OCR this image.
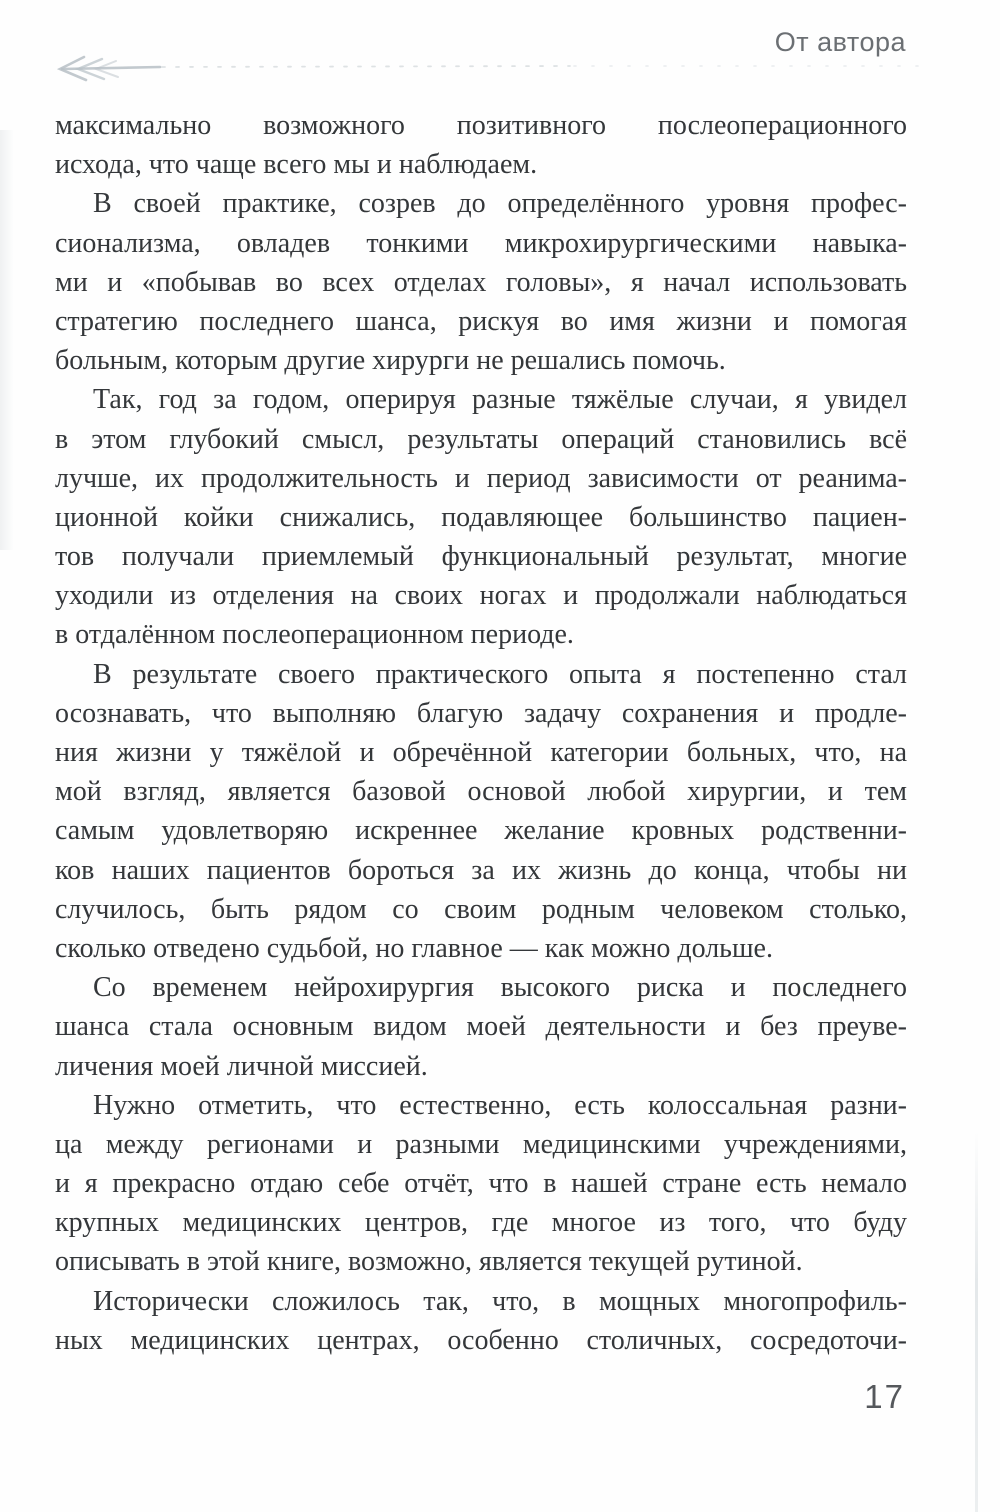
От автора
максимально возможного позитивного послеоперационного
исхода, что чаще всего мы и наблюдаем.
В своей практике, созрев до определённого уровня профес-
сионализма, овладев тонкими микрохирургическими навыка-
ми и «побывав во всех отделах головы», я начал использовать
стратегию последнего шанса, рискуя во имя жизни и помогая
больным, которым другие хирурги не решались помочь.
Так, год за годом, оперируя разные тяжёлые случаи, я увидел
в этом глубокий смысл, результаты операций становились всё
лучше, их продолжительность и период зависимости от реанима-
ционной койки снижались, подавляющее большинство пациен-
тов получали приемлемый функциональный результат, многие
уходили из отделения на своих ногах и продолжали наблюдаться
в отдалённом послеоперационном периоде.
В результате своего практического опыта я постепенно стал
осознавать, что выполняю благую задачу сохранения и продле-
ния жизни у тяжёлой и обречённой категории больных, что, на
мой взгляд, является базовой основой любой хирургии, и тем
самым удовлетворяю искреннее желание кровных родственни-
ков наших пациентов бороться за их жизнь до конца, чтобы ни
случилось, быть рядом со своим родным человеком столько,
сколько отведено судьбой, но главное — как можно дольше.
Со временем нейрохирургия высокого риска и последнего
шанса стала основным видом моей деятельности и без преуве-
личения моей личной миссией.
Нужно отметить, что естественно, есть колоссальная разни-
ца между регионами и разными медицинскими учреждениями,
и я прекрасно отдаю себе отчёт, что в нашей стране есть немало
крупных медицинских центров, где многое из того, что буду
описывать в этой книге, возможно, является текущей рутиной.
Исторически сложилось так, что, в мощных многопрофиль-
ных медицинских центрах, особенно столичных, сосредоточи-
17
